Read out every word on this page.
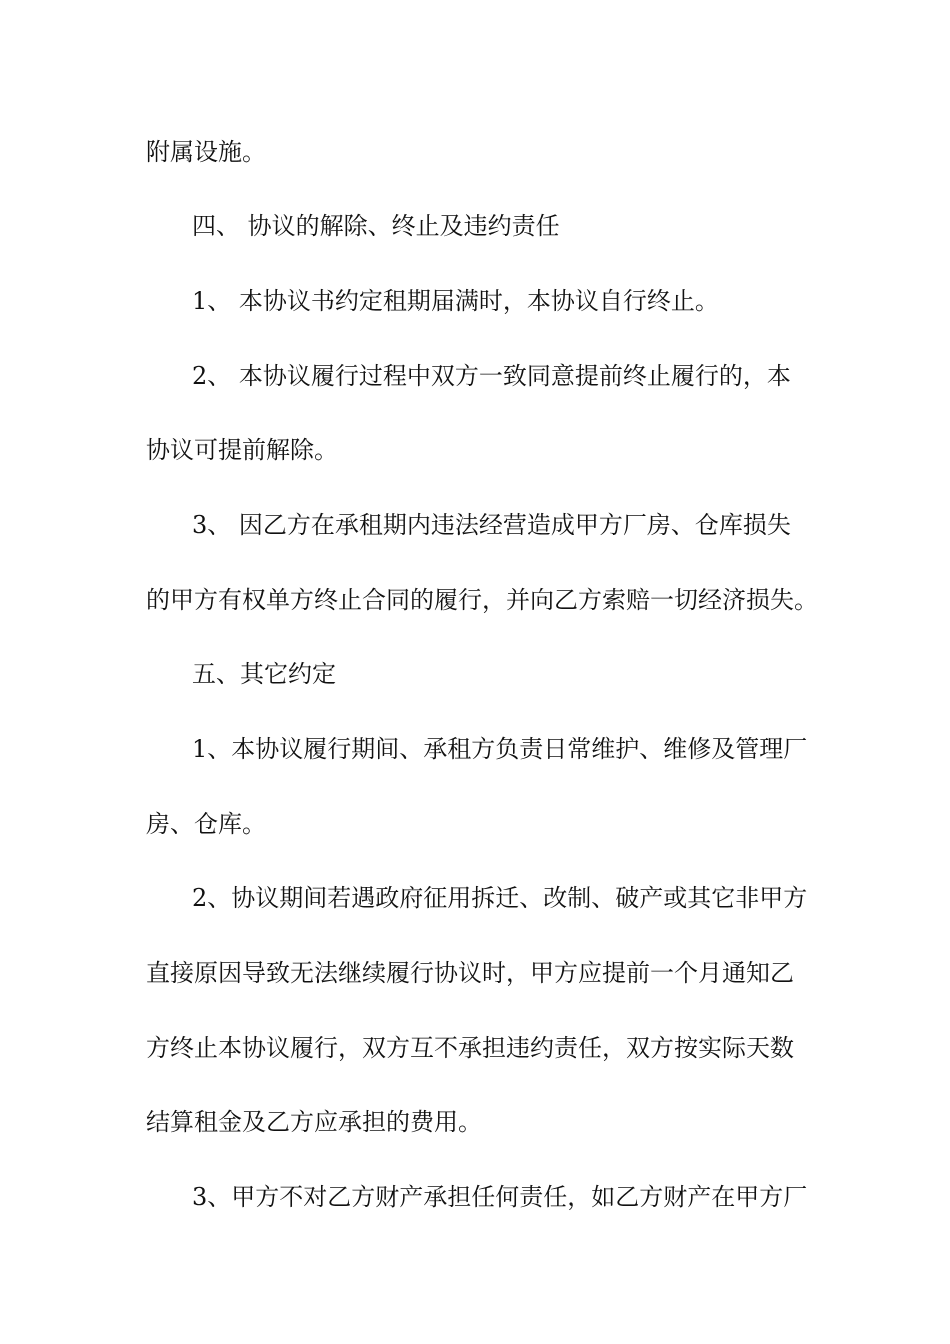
附属设施。
四、 协议的解除、终止及违约责任
1、 本协议书约定租期届满时，本协议自行终止。
2、 本协议履行过程中双方一致同意提前终止履行的，本
协议可提前解除。
3、 因乙方在承租期内违法经营造成甲方厂房、仓库损失
的甲方有权单方终止合同的履行，并向乙方索赔一切经济损失。
五、其它约定
1、本协议履行期间、承租方负责日常维护、维修及管理厂
房、仓库。
2、协议期间若遇政府征用拆迁、改制、破产或其它非甲方
直接原因导致无法继续履行协议时，甲方应提前一个月通知乙
方终止本协议履行，双方互不承担违约责任，双方按实际天数
结算租金及乙方应承担的费用。
3、甲方不对乙方财产承担任何责任，如乙方财产在甲方厂
